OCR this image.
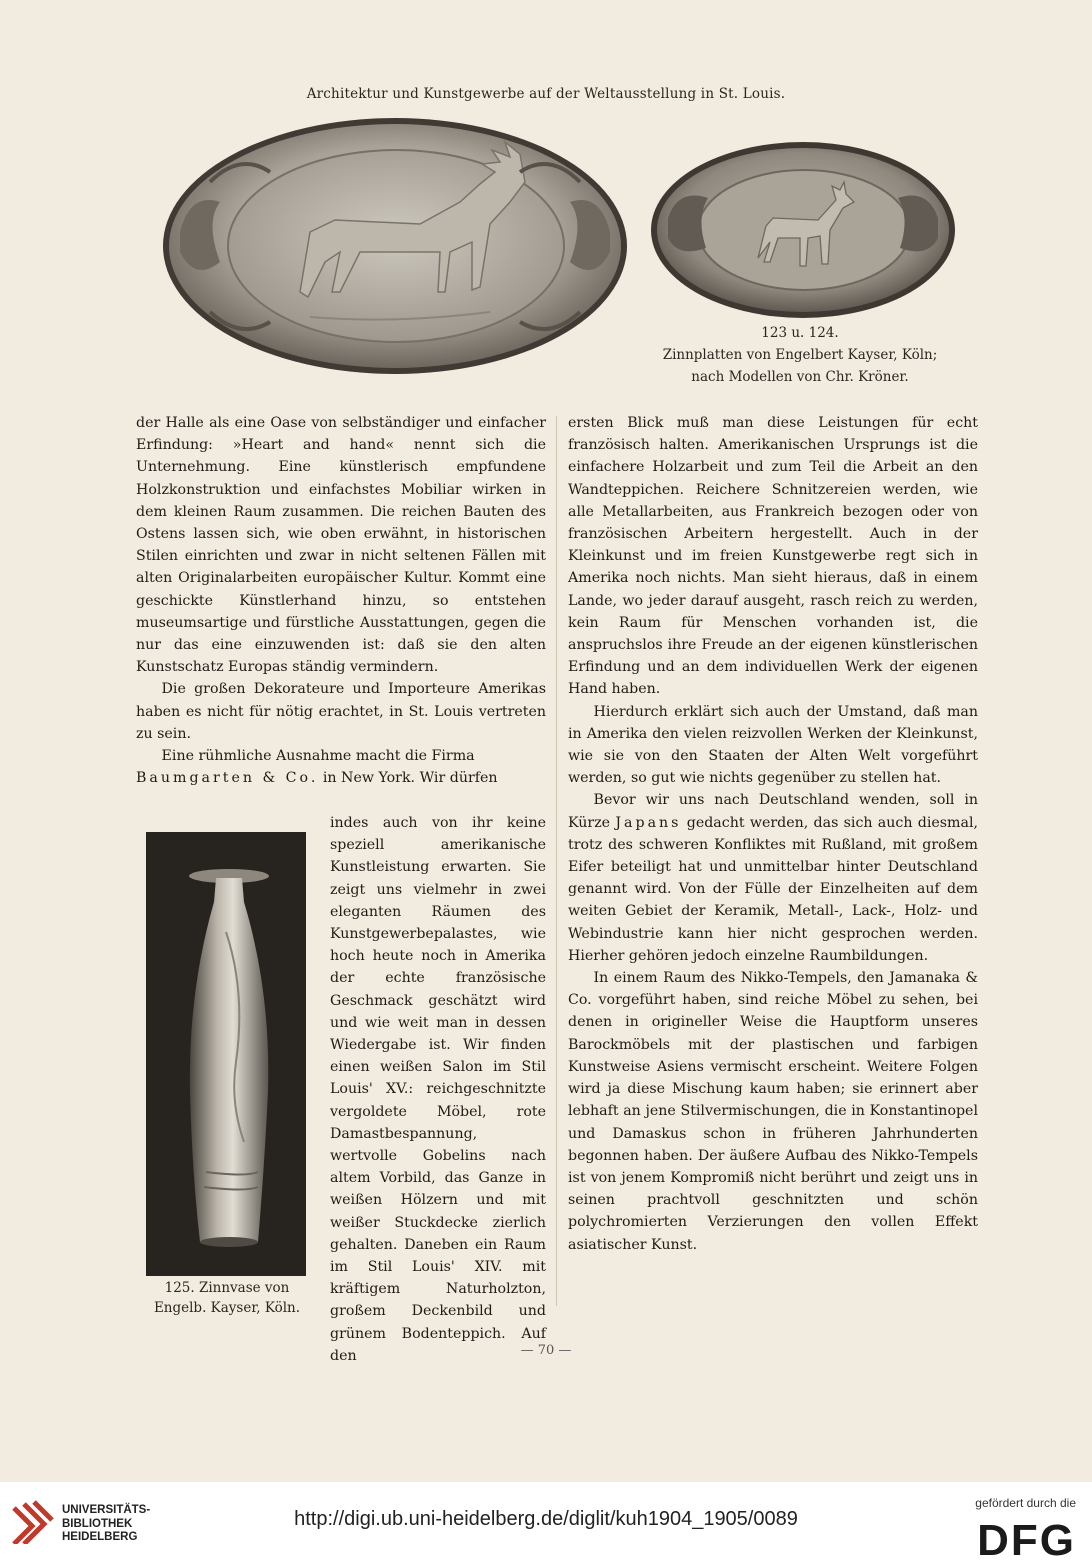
Architektur und Kunstgewerbe auf der Weltausstellung in St. Louis.
123 u. 124.
Zinnplatten von Engelbert Kayser, Köln;
nach Modellen von Chr. Kröner.

der Halle als eine Oase von selbständiger und einfacher Erfindung: »Heart and hand« nennt sich die Unternehmung. Eine künstlerisch empfundene Holzkonstruktion und einfachstes Mobiliar wirken in dem kleinen Raum zusammen. Die reichen Bauten des Ostens lassen sich, wie oben erwähnt, in historischen Stilen einrichten und zwar in nicht seltenen Fällen mit alten Originalarbeiten europäischer Kultur. Kommt eine geschickte Künstlerhand hinzu, so entstehen museumsartige und fürstliche Ausstattungen, gegen die nur das eine einzuwenden ist: daß sie den alten Kunstschatz Europas ständig vermindern.

Die großen Dekorateure und Importeure Amerikas haben es nicht für nötig erachtet, in St. Louis vertreten zu sein.

Eine rühmliche Ausnahme macht die Firma

Baumgarten & Co. in New York. Wir dürfen

125. Zinnvase von
Engelb. Kayser, Köln.

indes auch von ihr keine speziell amerikanische Kunstleistung erwarten. Sie zeigt uns vielmehr in zwei eleganten Räumen des Kunstgewerbepalastes, wie hoch heute noch in Amerika der echte französische Geschmack geschätzt wird und wie weit man in dessen Wiedergabe ist. Wir finden einen weißen Salon im Stil Louis' XV.: reichgeschnitzte vergoldete Möbel, rote Damastbespannung, wertvolle Gobelins nach altem Vorbild, das Ganze in weißen Hölzern und mit weißer Stuckdecke zierlich gehalten. Daneben ein Raum im Stil Louis' XIV. mit kräftigem Naturholzton, großem Deckenbild und grünem Bodenteppich. Auf den

ersten Blick muß man diese Leistungen für echt französisch halten. Amerikanischen Ursprungs ist die einfachere Holzarbeit und zum Teil die Arbeit an den Wandteppichen. Reichere Schnitzereien werden, wie alle Metallarbeiten, aus Frankreich bezogen oder von französischen Arbeitern hergestellt. Auch in der Kleinkunst und im freien Kunstgewerbe regt sich in Amerika noch nichts. Man sieht hieraus, daß in einem Lande, wo jeder darauf ausgeht, rasch reich zu werden, kein Raum für Menschen vorhanden ist, die anspruchslos ihre Freude an der eigenen künstlerischen Erfindung und an dem individuellen Werk der eigenen Hand haben.

Hierdurch erklärt sich auch der Umstand, daß man in Amerika den vielen reizvollen Werken der Kleinkunst, wie sie von den Staaten der Alten Welt vorgeführt werden, so gut wie nichts gegenüber zu stellen hat.

Bevor wir uns nach Deutschland wenden, soll in Kürze Japans gedacht werden, das sich auch diesmal, trotz des schweren Konfliktes mit Rußland, mit großem Eifer beteiligt hat und unmittelbar hinter Deutschland genannt wird. Von der Fülle der Einzelheiten auf dem weiten Gebiet der Keramik, Metall-, Lack-, Holz- und Webindustrie kann hier nicht gesprochen werden. Hierher gehören jedoch einzelne Raumbildungen.

In einem Raum des Nikko-Tempels, den Jamanaka & Co. vorgeführt haben, sind reiche Möbel zu sehen, bei denen in origineller Weise die Hauptform unseres Barockmöbels mit der plastischen und farbigen Kunstweise Asiens vermischt erscheint. Weitere Folgen wird ja diese Mischung kaum haben; sie erinnert aber lebhaft an jene Stilvermischungen, die in Konstantinopel und Damaskus schon in früheren Jahrhunderten begonnen haben. Der äußere Aufbau des Nikko-Tempels ist von jenem Kompromiß nicht berührt und zeigt uns in seinen prachtvoll geschnitzten und schön polychromierten Verzierungen den vollen Effekt asiatischer Kunst.

— 70 —
UNIVERSITÄTS-
BIBLIOTHEK
HEIDELBERG
http://digi.ub.uni-heidelberg.de/diglit/kuh1904_1905/0089
gefördert durch die
DFG
